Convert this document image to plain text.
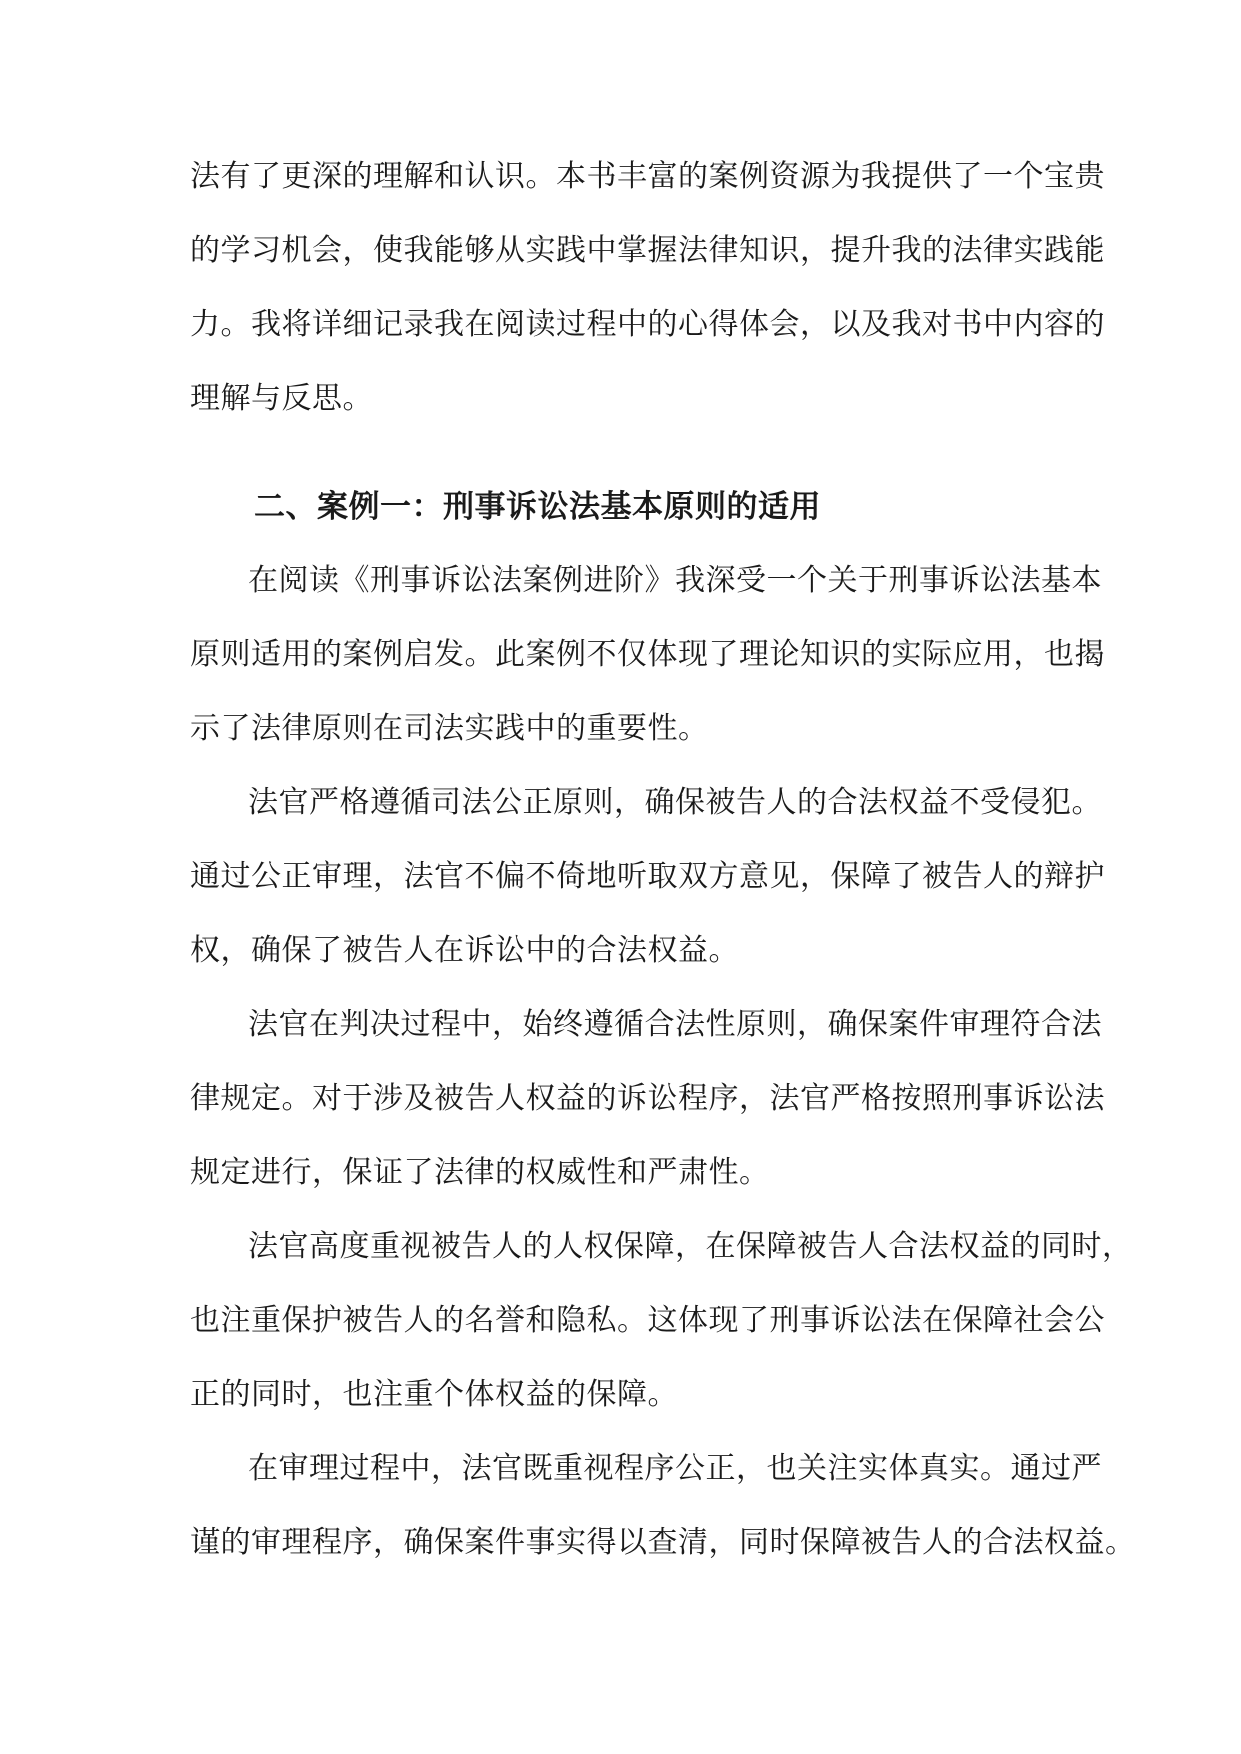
法有了更深的理解和认识。本书丰富的案例资源为我提供了一个宝贵

的学习机会，使我能够从实践中掌握法律知识，提升我的法律实践能

力。我将详细记录我在阅读过程中的心得体会，以及我对书中内容的

理解与反思。

二、案例一：刑事诉讼法基本原则的适用

在阅读《刑事诉讼法案例进阶》我深受一个关于刑事诉讼法基本

原则适用的案例启发。此案例不仅体现了理论知识的实际应用，也揭

示了法律原则在司法实践中的重要性。

法官严格遵循司法公正原则，确保被告人的合法权益不受侵犯。

通过公正审理，法官不偏不倚地听取双方意见，保障了被告人的辩护

权，确保了被告人在诉讼中的合法权益。

法官在判决过程中，始终遵循合法性原则，确保案件审理符合法

律规定。对于涉及被告人权益的诉讼程序，法官严格按照刑事诉讼法

规定进行，保证了法律的权威性和严肃性。

法官高度重视被告人的人权保障，在保障被告人合法权益的同时，

也注重保护被告人的名誉和隐私。这体现了刑事诉讼法在保障社会公

正的同时，也注重个体权益的保障。

在审理过程中，法官既重视程序公正，也关注实体真实。通过严

谨的审理程序，确保案件事实得以查清，同时保障被告人的合法权益。
